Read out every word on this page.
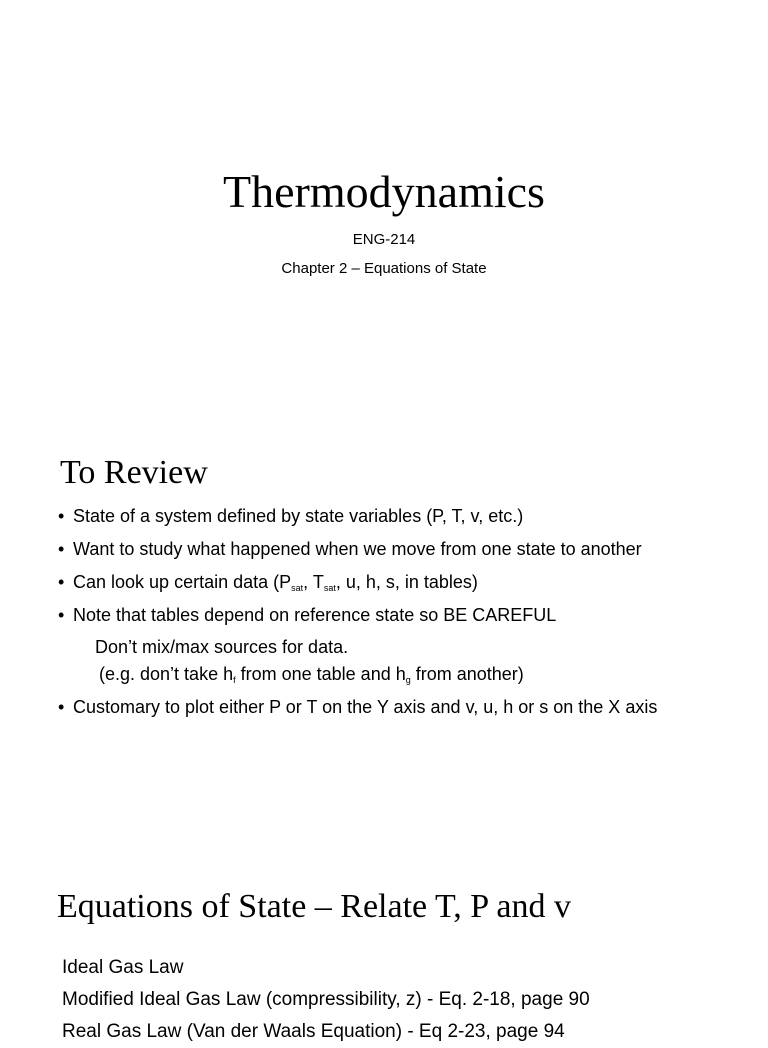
Thermodynamics
ENG-214
Chapter 2 – Equations of State
To Review
• State of a system defined by state variables (P, T, v, etc.)
• Want to study what happened when we move from one state to another
• Can look up certain data ($P_{sat}$, $T_{sat}$, u, h, s, in tables)
• Note that tables depend on reference state so BE CAREFUL
Don’t mix/max sources for data.
(e.g. don’t take $h_f$ from one table and $h_g$ from another)
• Customary to plot either P or T on the Y axis and v, u, h or s on the X axis
Equations of State – Relate T, P and v
Ideal Gas Law
Modified Ideal Gas Law (compressibility, z) - Eq. 2-18, page 90
Real Gas Law (Van der Waals Equation) - Eq 2-23, page 94
